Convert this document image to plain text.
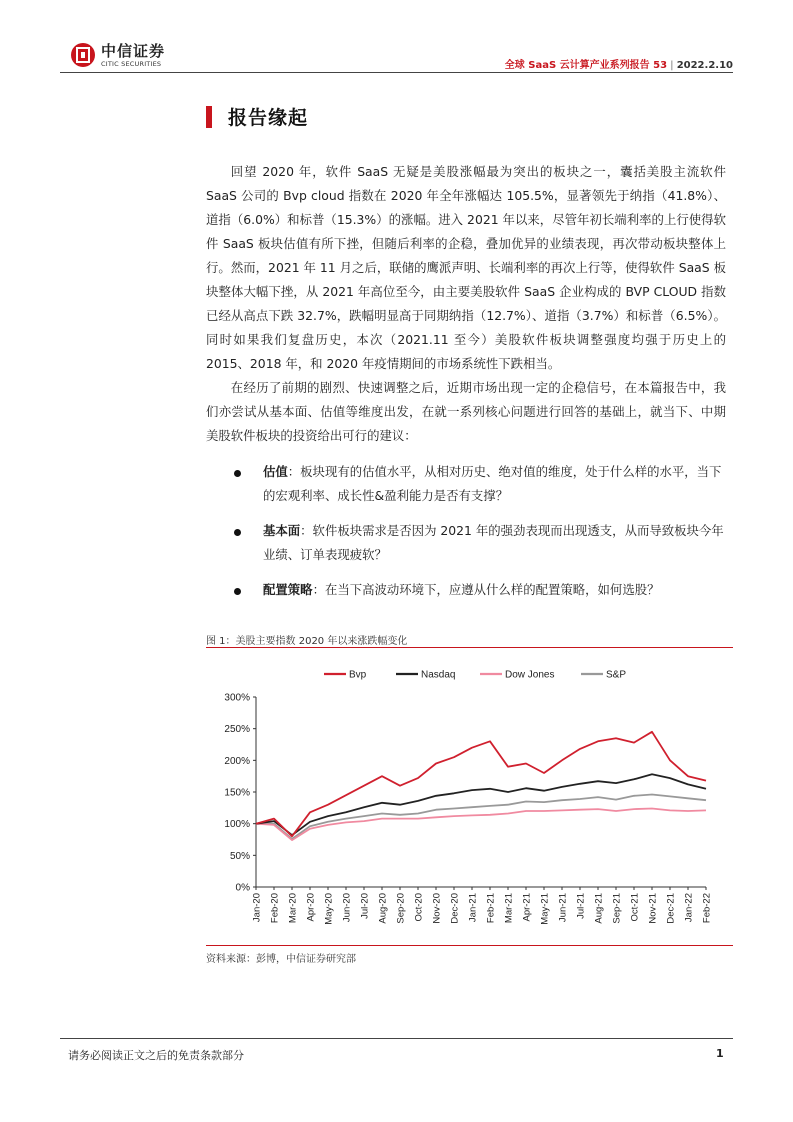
中信证券
CITIC SECURITIES	全球 SaaS 云计算产业系列报告 53 | 2022.2.10
报告缘起

回望 2020 年，软件 SaaS 无疑是美股涨幅最为突出的板块之一，囊括美股主流软件 SaaS 公司的 Bvp cloud 指数在 2020 年全年涨幅达 105.5%，显著领先于纳指（41.8%）、道指（6.0%）和标普（15.3%）的涨幅。进入 2021 年以来，尽管年初长端利率的上行使得软件 SaaS 板块估值有所下挫，但随后利率的企稳，叠加优异的业绩表现，再次带动板块整体上行。然而，2021 年 11 月之后，联储的鹰派声明、长端利率的再次上行等，使得软件 SaaS 板块整体大幅下挫，从 2021 年高位至今，由主要美股软件 SaaS 企业构成的 BVP CLOUD 指数已经从高点下跌 32.7%，跌幅明显高于同期纳指（12.7%）、道指（3.7%）和标普（6.5%）。同时如果我们复盘历史，本次（2021.11 至今）美股软件板块调整强度均强于历史上的 2015、2018 年，和 2020 年疫情期间的市场系统性下跌相当。

在经历了前期的剧烈、快速调整之后，近期市场出现一定的企稳信号，在本篇报告中，我们亦尝试从基本面、估值等维度出发，在就一系列核心问题进行回答的基础上，就当下、中期美股软件板块的投资给出可行的建议：

估值：板块现有的估值水平，从相对历史、绝对值的维度，处于什么样的水平，当下的宏观利率、成长性&盈利能力是否有支撑？
基本面：软件板块需求是否因为 2021 年的强劲表现而出现透支，从而导致板块今年业绩、订单表现疲软？
配置策略：在当下高波动环境下，应遵从什么样的配置策略，如何选股？
图 1：美股主要指数 2020 年以来涨跌幅变化
0%
50%
100%
150%
200%
250%
300%
Jan-20 Feb-20 Mar-20 Apr-20 May-20 Jun-20 Jul-20 Aug-20 Sep-20 Oct-20 Nov-20 Dec-20 Jan-21 Feb-21 Mar-21 Apr-21 May-21 Jun-21 Jul-21 Aug-21 Sep-21 Oct-21 Nov-21 Dec-21 Jan-22 Feb-22
Bvp	Nasdaq	Dow Jones	S&P
资料来源：彭博，中信证券研究部
请务必阅读正文之后的免责条款部分	1
